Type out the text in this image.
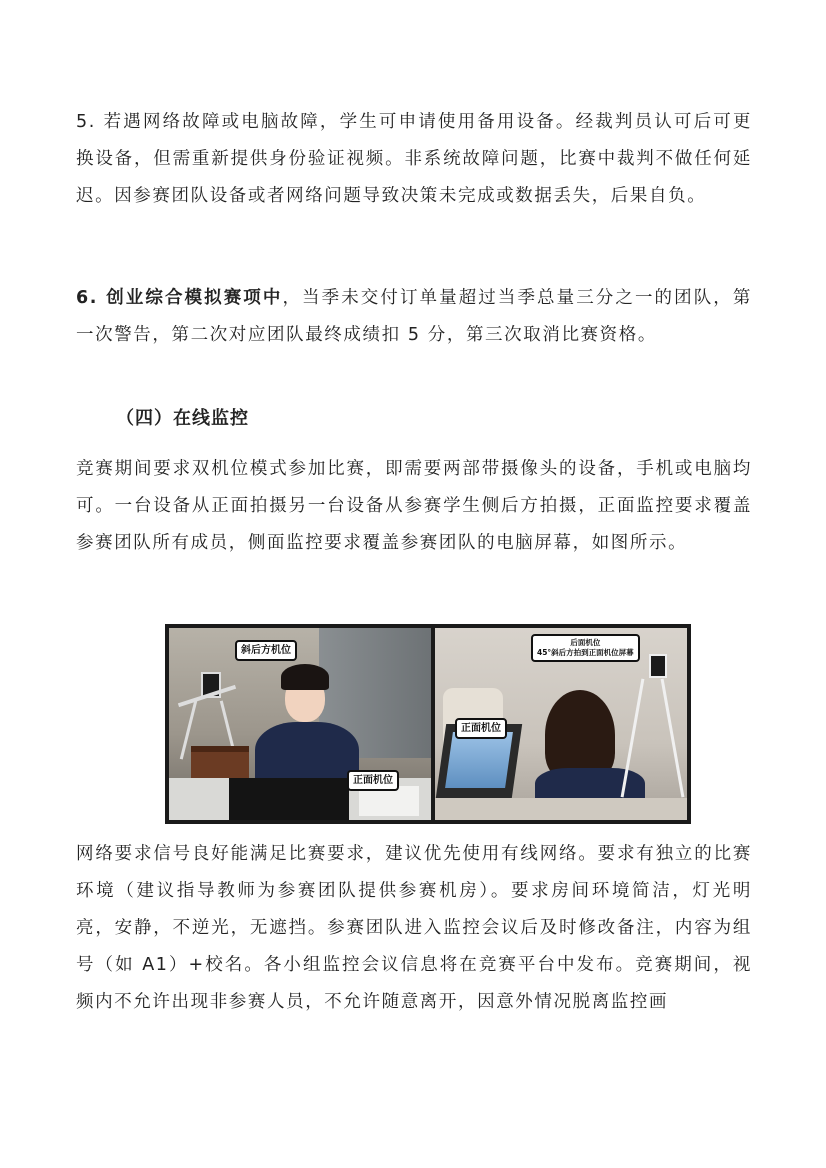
5. 若遇网络故障或电脑故障，学生可申请使用备用设备。经裁判员认可后可更换设备，但需重新提供身份验证视频。非系统故障问题，比赛中裁判不做任何延迟。因参赛团队设备或者网络问题导致决策未完成或数据丢失，后果自负。

6. 创业综合模拟赛项中，当季未交付订单量超过当季总量三分之一的团队，第一次警告，第二次对应团队最终成绩扣 5 分，第三次取消比赛资格。

（四）在线监控

竞赛期间要求双机位模式参加比赛，即需要两部带摄像头的设备，手机或电脑均可。一台设备从正面拍摄另一台设备从参赛学生侧后方拍摄，正面监控要求覆盖参赛团队所有成员，侧面监控要求覆盖参赛团队的电脑屏幕，如图所示。

斜后方机位
正面机位
后面机位
45°斜后方拍到正面机位屏幕
正面机位

网络要求信号良好能满足比赛要求，建议优先使用有线网络。要求有独立的比赛环境（建议指导教师为参赛团队提供参赛机房）。要求房间环境简洁，灯光明亮，安静，不逆光，无遮挡。参赛团队进入监控会议后及时修改备注，内容为组号（如 A1）+校名。各小组监控会议信息将在竞赛平台中发布。竞赛期间，视频内不允许出现非参赛人员，不允许随意离开，因意外情况脱离监控画
